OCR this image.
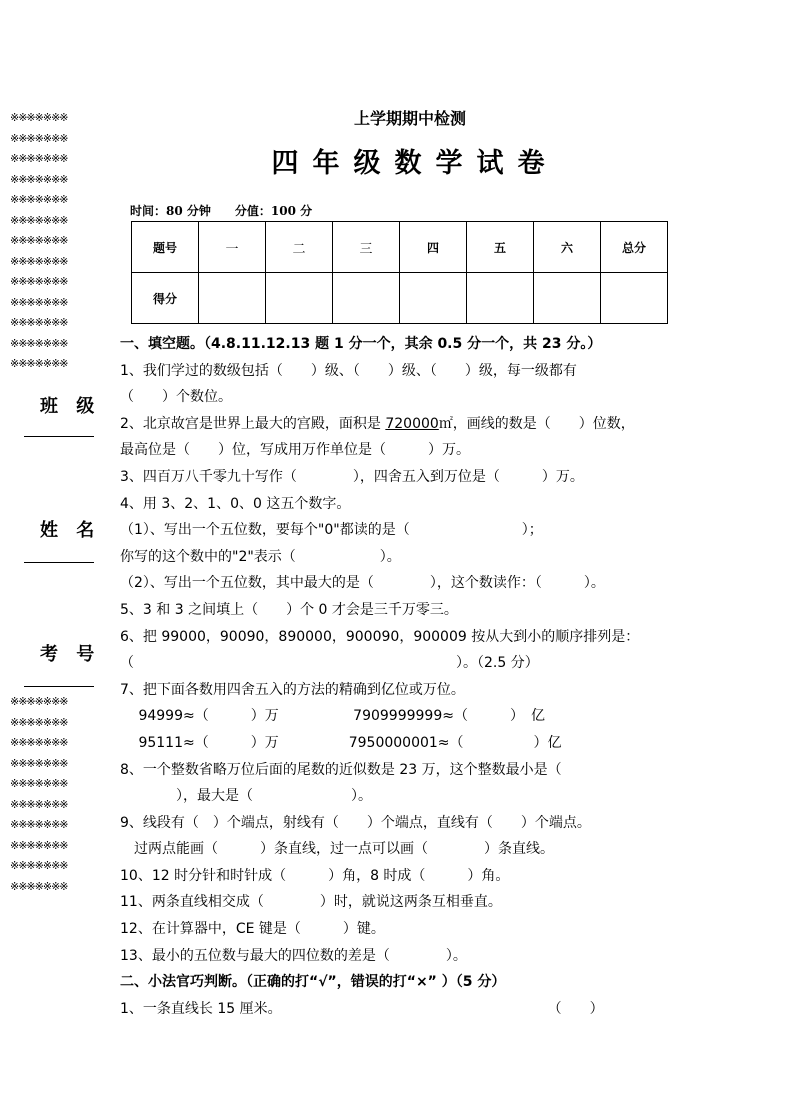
※※※※※※※
※※※※※※※
※※※※※※※
※※※※※※※
※※※※※※※
※※※※※※※
※※※※※※※
※※※※※※※
※※※※※※※
※※※※※※※
※※※※※※※
※※※※※※※
※※※※※※※
班 级
姓 名
考 号
※※※※※※※
※※※※※※※
※※※※※※※
※※※※※※※
※※※※※※※
※※※※※※※
※※※※※※※
※※※※※※※
※※※※※※※
※※※※※※※
上学期期中检测
四年级数学试卷
时间：80 分钟 分值：100 分
题号	一	二	三	四	五	六	总分
得分							
一、填空题。（4.8.11.12.13 题 1 分一个，其余 0.5 分一个，共 23 分。）
1、我们学过的数级包括（　　）级、（　　）级、（　　）级，每一级都有
（　　）个数位。
2、北京故宫是世界上最大的宫殿，面积是 720000㎡，画线的数是（　　）位数，
最高位是（　　）位，写成用万作单位是（　　　）万。
3、四百万八千零九十写作（　　　　），四舍五入到万位是（　　　）万。
4、用 3、2、1、0、0 这五个数字。
（1）、写出一个五位数，要每个"0"都读的是（　　　　　　　　）；
你写的这个数中的"2"表示（　　　　　　）。
（2）、写出一个五位数，其中最大的是（　　　　），这个数读作：（　　　）。
5、3 和 3 之间填上（　　）个 0 才会是三千万零三。
6、把 99000，90090，890000，900090，900009 按从大到小的顺序排列是：
（　　　　　　　　　　　　　　　　　　　　　　　）。（2.5 分）
7、把下面各数用四舍五入的方法的精确到亿位或万位。
　 94999≈（　　　）万　　　　　 7909999999≈（　　　）　亿
　 95111≈（　　　）万　　　　　7950000001≈（　　　　　）亿
8、一个整数省略万位后面的尾数的近似数是 23 万，这个整数最小是（
　　　　），最大是（　　　　　　　）。
9、线段有（　）个端点，射线有（　　）个端点，直线有（　　）个端点。
　过两点能画（　　　）条直线，过一点可以画（　　　　）条直线。
10、12 时分针和时针成（　　　）角，8 时成（　　　）角。
11、两条直线相交成（　　　　）时，就说这两条互相垂直。
12、在计算器中，CE 键是（　　　）键。
13、最小的五位数与最大的四位数的差是（　　　　）。
二、小法官巧判断。（正确的打“√”，错误的打“×” ）（5 分）
1、一条直线长 15 厘米。　　　　　　　　　　　　　　　　　　　　（　　）
